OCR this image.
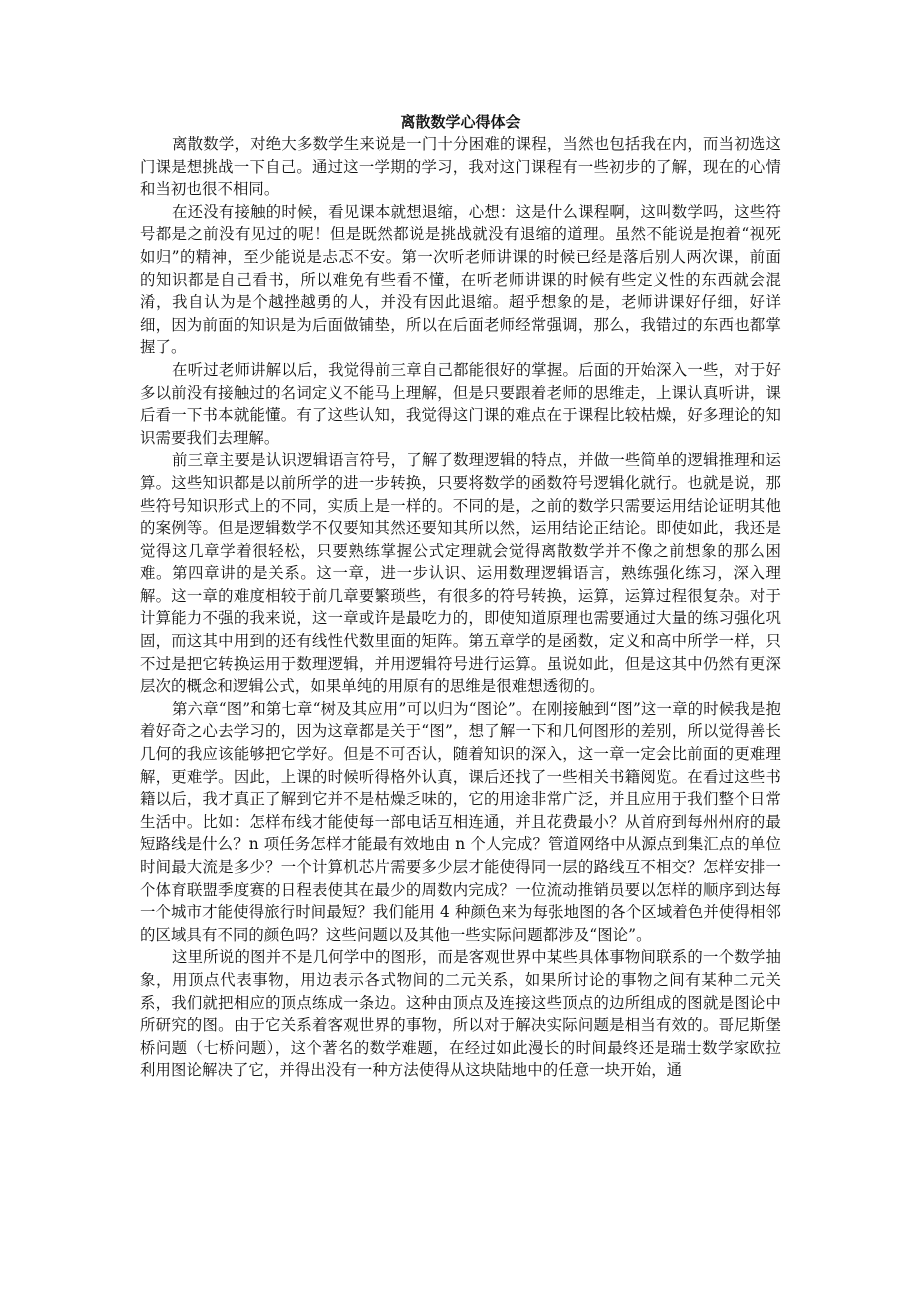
离散数学心得体会

离散数学，对绝大多数学生来说是一门十分困难的课程，当然也包括我在内，而当初选这门课是想挑战一下自己。通过这一学期的学习，我对这门课程有一些初步的了解，现在的心情和当初也很不相同。

在还没有接触的时候，看见课本就想退缩，心想：这是什么课程啊，这叫数学吗，这些符号都是之前没有见过的呢！但是既然都说是挑战就没有退缩的道理。虽然不能说是抱着“视死如归”的精神，至少能说是忐忑不安。第一次听老师讲课的时候已经是落后别人两次课，前面的知识都是自己看书，所以难免有些看不懂，在听老师讲课的时候有些定义性的东西就会混淆，我自认为是个越挫越勇的人，并没有因此退缩。超乎想象的是，老师讲课好仔细，好详细，因为前面的知识是为后面做铺垫，所以在后面老师经常强调，那么，我错过的东西也都掌握了。

在听过老师讲解以后，我觉得前三章自己都能很好的掌握。后面的开始深入一些，对于好多以前没有接触过的名词定义不能马上理解，但是只要跟着老师的思维走，上课认真听讲，课后看一下书本就能懂。有了这些认知，我觉得这门课的难点在于课程比较枯燥，好多理论的知识需要我们去理解。

前三章主要是认识逻辑语言符号，了解了数理逻辑的特点，并做一些简单的逻辑推理和运算。这些知识都是以前所学的进一步转换，只要将数学的函数符号逻辑化就行。也就是说，那些符号知识形式上的不同，实质上是一样的。不同的是，之前的数学只需要运用结论证明其他的案例等。但是逻辑数学不仅要知其然还要知其所以然，运用结论正结论。即使如此，我还是觉得这几章学着很轻松，只要熟练掌握公式定理就会觉得离散数学并不像之前想象的那么困难。第四章讲的是关系。这一章，进一步认识、运用数理逻辑语言，熟练强化练习，深入理解。这一章的难度相较于前几章要繁琐些，有很多的符号转换，运算，运算过程很复杂。对于计算能力不强的我来说，这一章或许是最吃力的，即使知道原理也需要通过大量的练习强化巩固，而这其中用到的还有线性代数里面的矩阵。第五章学的是函数，定义和高中所学一样，只不过是把它转换运用于数理逻辑，并用逻辑符号进行运算。虽说如此，但是这其中仍然有更深层次的概念和逻辑公式，如果单纯的用原有的思维是很难想透彻的。

第六章“图”和第七章“树及其应用”可以归为“图论”。在刚接触到“图”这一章的时候我是抱着好奇之心去学习的，因为这章都是关于“图”，想了解一下和几何图形的差别，所以觉得善长几何的我应该能够把它学好。但是不可否认，随着知识的深入，这一章一定会比前面的更难理解，更难学。因此，上课的时候听得格外认真，课后还找了一些相关书籍阅览。在看过这些书籍以后，我才真正了解到它并不是枯燥乏味的，它的用途非常广泛，并且应用于我们整个日常生活中。比如：怎样布线才能使每一部电话互相连通，并且花费最小？从首府到每州州府的最短路线是什么？n 项任务怎样才能最有效地由 n 个人完成？管道网络中从源点到集汇点的单位时间最大流是多少？一个计算机芯片需要多少层才能使得同一层的路线互不相交？怎样安排一个体育联盟季度赛的日程表使其在最少的周数内完成？一位流动推销员要以怎样的顺序到达每一个城市才能使得旅行时间最短？我们能用 4 种颜色来为每张地图的各个区域着色并使得相邻的区域具有不同的颜色吗？这些问题以及其他一些实际问题都涉及“图论”。

这里所说的图并不是几何学中的图形，而是客观世界中某些具体事物间联系的一个数学抽象，用顶点代表事物，用边表示各式物间的二元关系，如果所讨论的事物之间有某种二元关系，我们就把相应的顶点练成一条边。这种由顶点及连接这些顶点的边所组成的图就是图论中所研究的图。由于它关系着客观世界的事物，所以对于解决实际问题是相当有效的。哥尼斯堡桥问题（七桥问题），这个著名的数学难题，在经过如此漫长的时间最终还是瑞士数学家欧拉利用图论解决了它，并得出没有一种方法使得从这块陆地中的任意一块开始，通
